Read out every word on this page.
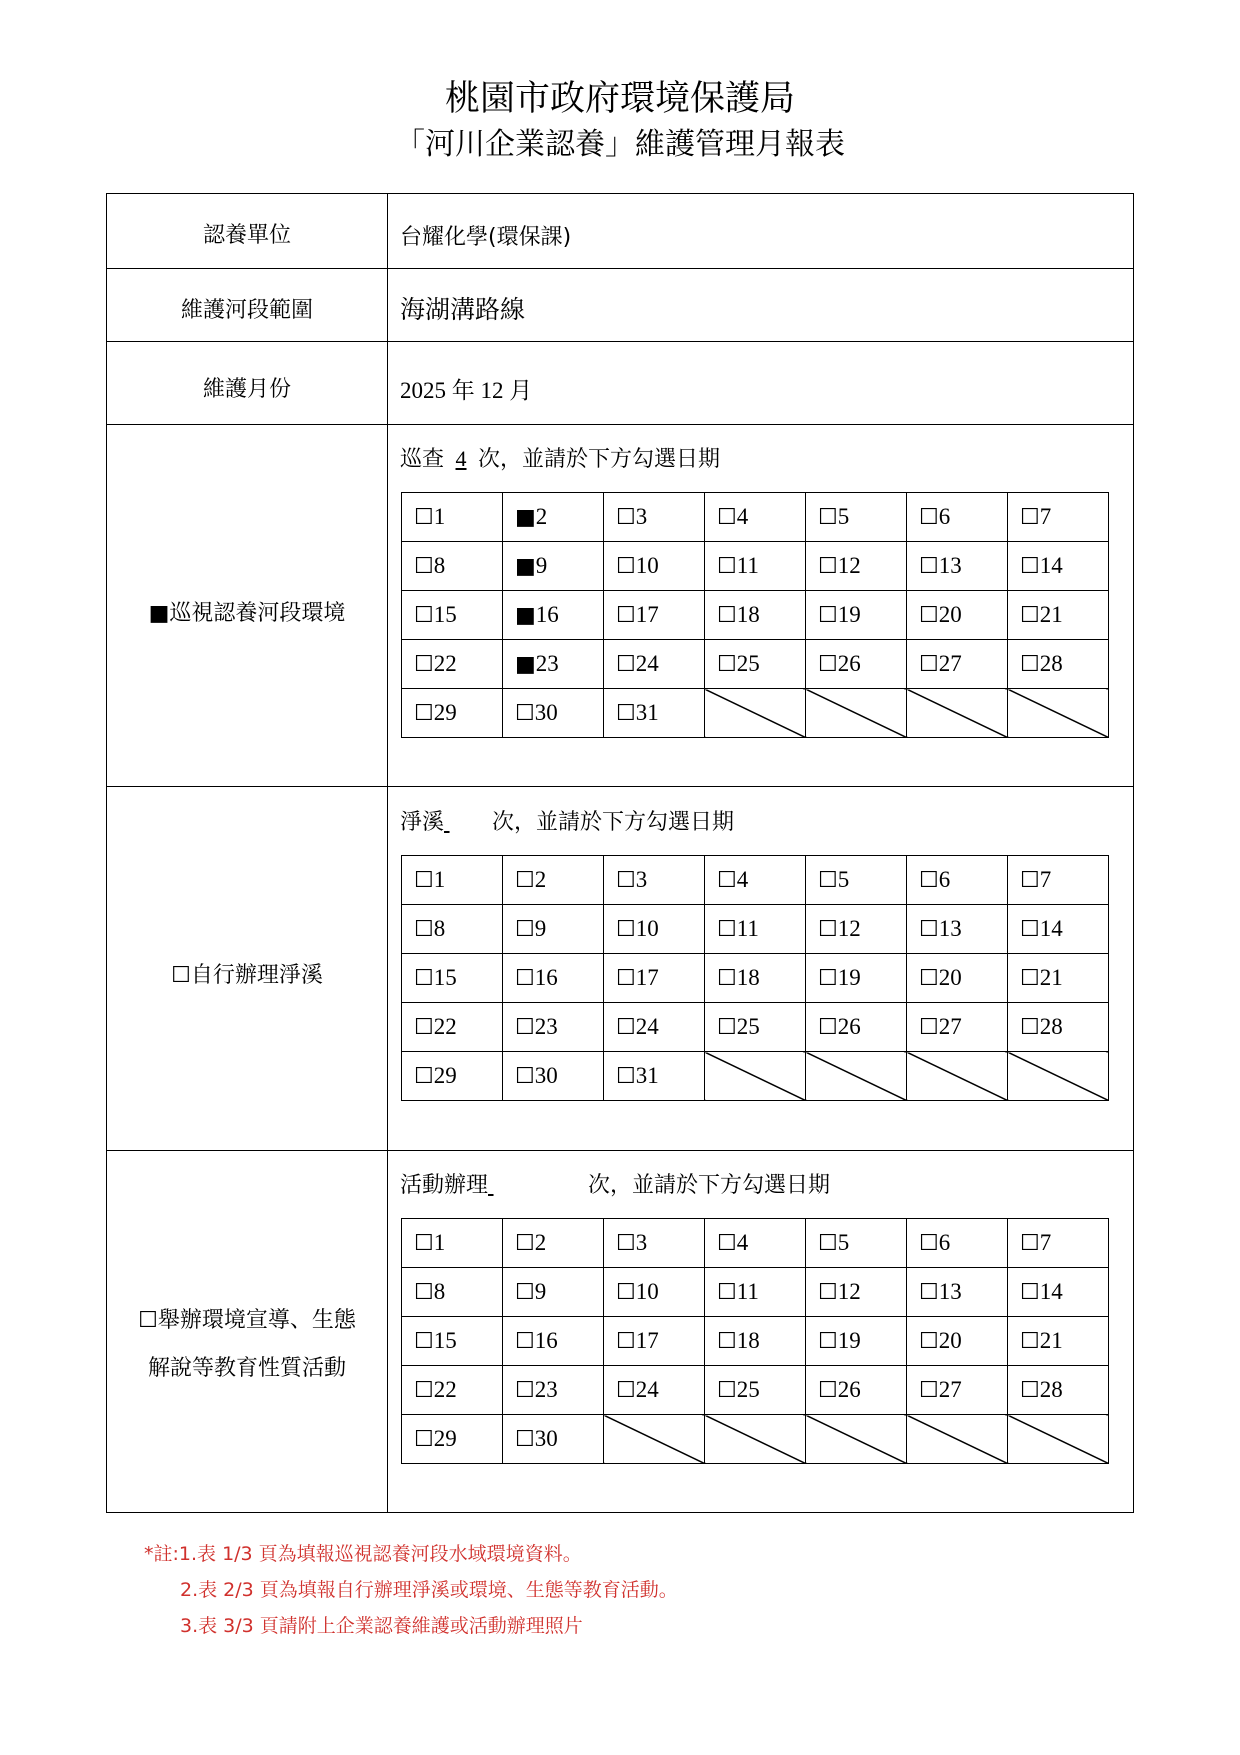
桃園市政府環境保護局
「河川企業認養」維護管理月報表
認養單位	台耀化學(環保課)
維護河段範圍	海湖溝路線
維護月份	2025 年 12 月
■巡視認養河段環境
巡查 4 次，並請於下方勾選日期
☐1	■2	☐3	☐4	☐5	☐6	☐7
☐8	■9	☐10	☐11	☐12	☐13	☐14
☐15	■16	☐17	☐18	☐19	☐20	☐21
☐22	■23	☐24	☐25	☐26	☐27	☐28
☐29	☐30	☐31				
☐自行辦理淨溪
淨溪 次，並請於下方勾選日期
☐1	☐2	☐3	☐4	☐5	☐6	☐7
☐8	☐9	☐10	☐11	☐12	☐13	☐14
☐15	☐16	☐17	☐18	☐19	☐20	☐21
☐22	☐23	☐24	☐25	☐26	☐27	☐28
☐29	☐30	☐31				
☐舉辦環境宣導、生態
解說等教育性質活動
活動辦理	次，並請於下方勾選日期
☐1	☐2	☐3	☐4	☐5	☐6	☐7
☐8	☐9	☐10	☐11	☐12	☐13	☐14
☐15	☐16	☐17	☐18	☐19	☐20	☐21
☐22	☐23	☐24	☐25	☐26	☐27	☐28
☐29	☐30					
*註:1.表 1/3 頁為填報巡視認養河段水域環境資料。
2.表 2/3 頁為填報自行辦理淨溪或環境、生態等教育活動。
3.表 3/3 頁請附上企業認養維護或活動辦理照片
